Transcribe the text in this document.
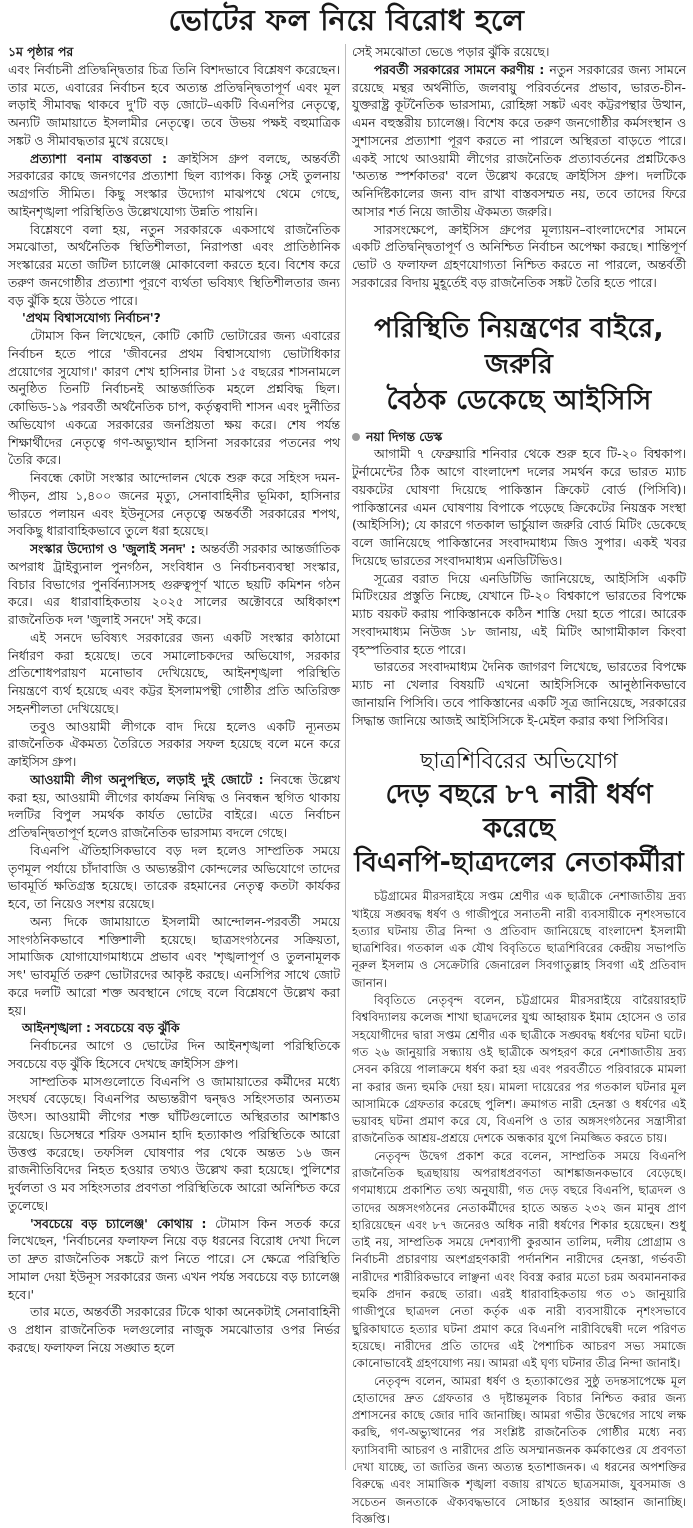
ভোটের ফল নিয়ে বিরোধ হলে

১ম পৃষ্ঠার পর

এবং নির্বাচনী প্রতিদ্বন্দ্বিতার চিত্র তিনি বিশদভাবে বিশ্লেষণ করেছেন। তার মতে, এবারের নির্বাচন হবে অত্যন্ত প্রতিদ্বন্দ্বিতাপূর্ণ এবং মূল লড়াই সীমাবদ্ধ থাকবে দু'টি বড় জোটে–একটি বিএনপির নেতৃত্বে, অন্যটি জামায়াতে ইসলামীর নেতৃত্বে। তবে উভয় পক্ষই বহুমাত্রিক সঙ্কট ও সীমাবদ্ধতার মুখে রয়েছে।

প্রত্যাশা বনাম বাস্তবতা : ক্রাইসিস গ্রুপ বলছে, অন্তর্বর্তী সরকারের কাছে জনগণের প্রত্যাশা ছিল ব্যাপক। কিন্তু সেই তুলনায় অগ্রগতি সীমিত। কিছু সংস্কার উদ্যোগ মাঝপথে থেমে গেছে, আইনশৃঙ্খলা পরিস্থিতিও উল্লেখযোগ্য উন্নতি পায়নি।

বিশ্লেষণে বলা হয়, নতুন সরকারকে একসাথে রাজনৈতিক সমঝোতা, অর্থনৈতিক স্থিতিশীলতা, নিরাপত্তা এবং প্রাতিষ্ঠানিক সংস্কারের মতো জটিল চ্যালেঞ্জ মোকাবেলা করতে হবে। বিশেষ করে তরুণ জনগোষ্ঠীর প্রত্যাশা পূরণে ব্যর্থতা ভবিষ্যৎ স্থিতিশীলতার জন্য বড় ঝুঁকি হয়ে উঠতে পারে।

'প্রথম বিশ্বাসযোগ্য নির্বাচন'?

টোমাস কিন লিখেছেন, কোটি কোটি ভোটারের জন্য এবারের নির্বাচন হতে পারে 'জীবনের প্রথম বিশ্বাসযোগ্য ভোটাধিকার প্রয়োগের সুযোগ।' কারণ শেখ হাসিনার টানা ১৫ বছরের শাসনামলে অনুষ্ঠিত তিনটি নির্বাচনই আন্তর্জাতিক মহলে প্রশ্নবিদ্ধ ছিল। কোভিড-১৯ পরবর্তী অর্থনৈতিক চাপ, কর্তৃত্ববাদী শাসন এবং দুর্নীতির অভিযোগ একত্রে সরকারের জনপ্রিয়তা ক্ষয় করে। শেষ পর্যন্ত শিক্ষার্থীদের নেতৃত্বে গণ-অভ্যুত্থান হাসিনা সরকারের পতনের পথ তৈরি করে।

নিবন্ধে কোটা সংস্কার আন্দোলন থেকে শুরু করে সহিংস দমন-পীড়ন, প্রায় ১,৪০০ জনের মৃত্যু, সেনাবাহিনীর ভূমিকা, হাসিনার ভারতে পলায়ন এবং ইউনূসের নেতৃত্বে অন্তর্বর্তী সরকারের শপথ, সবকিছু ধারাবাহিকভাবে তুলে ধরা হয়েছে।

সংস্কার উদ্যোগ ও 'জুলাই সনদ' : অন্তর্বর্তী সরকার আন্তর্জাতিক অপরাধ ট্রাইব্যুনাল পুনর্গঠন, সংবিধান ও নির্বাচনব্যবস্থা সংস্কার, বিচার বিভাগের পুনর্বিন্যাসসহ গুরুত্বপূর্ণ খাতে ছয়টি কমিশন গঠন করে। এর ধারাবাহিকতায় ২০২৫ সালের অক্টোবরে অধিকাংশ রাজনৈতিক দল 'জুলাই সনদে' সই করে।

এই সনদে ভবিষ্যৎ সরকারের জন্য একটি সংস্কার কাঠামো নির্ধারণ করা হয়েছে। তবে সমালোচকদের অভিযোগ, সরকার প্রতিশোধপরায়ণ মনোভাব দেখিয়েছে, আইনশৃঙ্খলা পরিস্থিতি নিয়ন্ত্রণে ব্যর্থ হয়েছে এবং কট্টর ইসলামপন্থী গোষ্ঠীর প্রতি অতিরিক্ত সহনশীলতা দেখিয়েছে।

তবুও আওয়ামী লীগকে বাদ দিয়ে হলেও একটি ন্যূনতম রাজনৈতিক ঐকমত্য তৈরিতে সরকার সফল হয়েছে বলে মনে করে ক্রাইসিস গ্রুপ।

আওয়ামী লীগ অনুপস্থিত, লড়াই দুই জোটে : নিবন্ধে উল্লেখ করা হয়, আওয়ামী লীগের কার্যক্রম নিষিদ্ধ ও নিবন্ধন স্থগিত থাকায় দলটির বিপুল সমর্থক কার্যত ভোটের বাইরে। এতে নির্বাচন প্রতিদ্বন্দ্বিতাপূর্ণ হলেও রাজনৈতিক ভারসাম্য বদলে গেছে।

বিএনপি ঐতিহাসিকভাবে বড় দল হলেও সাম্প্রতিক সময়ে তৃণমূল পর্যায়ে চাঁদাবাজি ও অভ্যন্তরীণ কোন্দলের অভিযোগে তাদের ভাবমূর্তি ক্ষতিগ্রস্ত হয়েছে। তারেক রহমানের নেতৃত্ব কতটা কার্যকর হবে, তা নিয়েও সংশয় রয়েছে।

অন্য দিকে জামায়াতে ইসলামী আন্দোলন-পরবর্তী সময়ে সাংগঠনিকভাবে শক্তিশালী হয়েছে। ছাত্রসংগঠনের সক্রিয়তা, সামাজিক যোগাযোগমাধ্যমে প্রভাব এবং 'শৃঙ্খলাপূর্ণ ও তুলনামূলক সৎ' ভাবমূর্তি তরুণ ভোটারদের আকৃষ্ট করছে। এনসিপির সাথে জোট করে দলটি আরো শক্ত অবস্থানে গেছে বলে বিশ্লেষণে উল্লেখ করা হয়।

আইনশৃঙ্খলা : সবচেয়ে বড় ঝুঁকি

নির্বাচনের আগে ও ভোটের দিন আইনশৃঙ্খলা পরিস্থিতিকে সবচেয়ে বড় ঝুঁকি হিসেবে দেখছে ক্রাইসিস গ্রুপ।

সাম্প্রতিক মাসগুলোতে বিএনপি ও জামায়াতের কর্মীদের মধ্যে সংঘর্ষ বেড়েছে। বিএনপির অভ্যন্তরীণ দ্বন্দ্বও সহিংসতার অন্যতম উৎস। আওয়ামী লীগের শক্ত ঘাঁটিগুলোতে অস্থিরতার আশঙ্কাও রয়েছে। ডিসেম্বরে শরিফ ওসমান হাদি হত্যাকাণ্ড পরিস্থিতিকে আরো উত্তপ্ত করেছে। তফসিল ঘোষণার পর থেকে অন্তত ১৬ জন রাজনীতিবিদের নিহত হওয়ার তথ্যও উল্লেখ করা হয়েছে। পুলিশের দুর্বলতা ও মব সহিংসতার প্রবণতা পরিস্থিতিকে আরো অনিশ্চিত করে তুলেছে।

'সবচেয়ে বড় চ্যালেঞ্জ' কোথায় : টোমাস কিন সতর্ক করে লিখেছেন, 'নির্বাচনের ফলাফল নিয়ে বড় ধরনের বিরোধ দেখা দিলে তা দ্রুত রাজনৈতিক সঙ্কটে রূপ নিতে পারে। সে ক্ষেত্রে পরিস্থিতি সামাল দেয়া ইউনূস সরকারের জন্য এখন পর্যন্ত সবচেয়ে বড় চ্যালেঞ্জ হবে।'

তার মতে, অন্তর্বর্তী সরকারের টিকে থাকা অনেকটাই সেনাবাহিনী ও প্রধান রাজনৈতিক দলগুলোর নাজুক সমঝোতার ওপর নির্ভর করছে। ফলাফল নিয়ে সঙ্ঘাত হলে

সেই সমঝোতা ভেঙে পড়ার ঝুঁকি রয়েছে।

পরবর্তী সরকারের সামনে করণীয় : নতুন সরকারের জন্য সামনে রয়েছে মন্থর অর্থনীতি, জলবায়ু পরিবর্তনের প্রভাব, ভারত-চীন-যুক্তরাষ্ট্র কূটনৈতিক ভারসাম্য, রোহিঙ্গা সঙ্কট এবং কট্টরপন্থার উত্থান, এমন বহুস্তরীয় চ্যালেঞ্জ। বিশেষ করে তরুণ জনগোষ্ঠীর কর্মসংস্থান ও সুশাসনের প্রত্যাশা পূরণ করতে না পারলে অস্থিরতা বাড়তে পারে। একই সাথে আওয়ামী লীগের রাজনৈতিক প্রত্যাবর্তনের প্রশ্নটিকেও 'অত্যন্ত স্পর্শকাতর' বলে উল্লেখ করেছে ক্রাইসিস গ্রুপ। দলটিকে অনির্দিষ্টকালের জন্য বাদ রাখা বাস্তবসম্মত নয়, তবে তাদের ফিরে আসার শর্ত নিয়ে জাতীয় ঐকমত্য জরুরি।

সারসংক্ষেপে, ক্রাইসিস গ্রুপের মূল্যায়ন–বাংলাদেশের সামনে একটি প্রতিদ্বন্দ্বিতাপূর্ণ ও অনিশ্চিত নির্বাচন অপেক্ষা করছে। শান্তিপূর্ণ ভোট ও ফলাফল গ্রহণযোগ্যতা নিশ্চিত করতে না পারলে, অন্তর্বর্তী সরকারের বিদায় মুহূর্তেই বড় রাজনৈতিক সঙ্কট তৈরি হতে পারে।

পরিস্থিতি নিয়ন্ত্রণের বাইরে, জরুরি
বৈঠক ডেকেছে আইসিসি

নয়া দিগন্ত ডেস্ক

আগামী ৭ ফেব্রুয়ারি শনিবার থেকে শুরু হবে টি-২০ বিশ্বকাপ। টুর্নামেন্টের ঠিক আগে বাংলাদেশ দলের সমর্থন করে ভারত ম্যাচ বয়কটের ঘোষণা দিয়েছে পাকিস্তান ক্রিকেট বোর্ড (পিসিবি)। পাকিস্তানের এমন ঘোষণায় বিপাকে পড়েছে ক্রিকেটের নিয়ন্ত্রক সংস্থা (আইসিসি); যে কারণে গতকাল ভার্চুয়াল জরুরি বোর্ড মিটিং ডেকেছে বলে জানিয়েছে পাকিস্তানের সংবাদমাধ্যম জিও সুপার। একই খবর দিয়েছে ভারতের সংবাদমাধ্যম এনডিটিভিও।

সূত্রের বরাত দিয়ে এনডিটিভি জানিয়েছে, আইসিসি একটি মিটিংয়ের প্রস্তুতি নিচ্ছে, যেখানে টি-২০ বিশ্বকাপে ভারতের বিপক্ষে ম্যাচ বয়কট করায় পাকিস্তানকে কঠিন শাস্তি দেয়া হতে পারে। আরেক সংবাদমাধ্যম নিউজ ১৮ জানায়, এই মিটিং আগামীকাল কিংবা বৃহস্পতিবার হতে পারে।

ভারতের সংবাদমাধ্যম দৈনিক জাগরণ লিখেছে, ভারতের বিপক্ষে ম্যাচ না খেলার বিষয়টি এখনো আইসিসিকে আনুষ্ঠানিকভাবে জানায়নি পিসিবি। তবে পাকিস্তানের একটি সূত্র জানিয়েছে, সরকারের সিদ্ধান্ত জানিয়ে আজই আইসিসিকে ই-মেইল করার কথা পিসিবির।

ছাত্রশিবিরের অভিযোগ
দেড় বছরে ৮৭ নারী ধর্ষণ করেছে
বিএনপি-ছাত্রদলের নেতাকর্মীরা

চট্টগ্রামের মীরসরাইয়ে সপ্তম শ্রেণীর এক ছাত্রীকে নেশাজাতীয় দ্রব্য খাইয়ে সঙ্ঘবদ্ধ ধর্ষণ ও গাজীপুরে সনাতনী নারী ব্যবসায়ীকে নৃশংসভাবে হত্যার ঘটনায় তীব্র নিন্দা ও প্রতিবাদ জানিয়েছে বাংলাদেশ ইসলামী ছাত্রশিবির। গতকাল এক যৌথ বিবৃতিতে ছাত্রশিবিরের কেন্দ্রীয় সভাপতি নূরুল ইসলাম ও সেক্রেটারি জেনারেল সিবগাতুল্লাহ সিবগা এই প্রতিবাদ জানান।

বিবৃতিতে নেতৃবৃন্দ বলেন, চট্টগ্রামের মীরসরাইয়ে বারৈয়ারহাট বিশ্ববিদ্যালয় কলেজ শাখা ছাত্রদলের যুগ্ম আহ্বায়ক ইমাম হোসেন ও তার সহযোগীদের দ্বারা সপ্তম শ্রেণীর এক ছাত্রীকে সঙ্ঘবদ্ধ ধর্ষণের ঘটনা ঘটে। গত ২৬ জানুয়ারি সন্ধ্যায় ওই ছাত্রীকে অপহরণ করে নেশাজাতীয় দ্রব্য সেবন করিয়ে পালাক্রমে ধর্ষণ করা হয় এবং পরবর্তীতে পরিবারকে মামলা না করার জন্য হুমকি দেয়া হয়। মামলা দায়েরের পর গতকাল ঘটনার মূল আসামিকে গ্রেফতার করেছে পুলিশ। ক্রমাগত নারী হেনস্তা ও ধর্ষণের এই ভয়াবহ ঘটনা প্রমাণ করে যে, বিএনপি ও তার অঙ্গসংগঠনের সন্ত্রাসীরা রাজনৈতিক আশ্রয়-প্রশ্রয়ে দেশকে অন্ধকার যুগে নিমজ্জিত করতে চায়।

নেতৃবৃন্দ উদ্বেগ প্রকাশ করে বলেন, সাম্প্রতিক সময়ে বিএনপি রাজনৈতিক ছত্রছায়ায় অপরাধপ্রবণতা আশঙ্কাজনকভাবে বেড়েছে। গণমাধ্যমে প্রকাশিত তথ্য অনুযায়ী, গত দেড় বছরে বিএনপি, ছাত্রদল ও তাদের অঙ্গসংগঠনের নেতাকর্মীদের হাতে অন্তত ২৩২ জন মানুষ প্রাণ হারিয়েছেন এবং ৮৭ জনেরও অধিক নারী ধর্ষণের শিকার হয়েছেন। শুধু তাই নয়, সাম্প্রতিক সময়ে দেশব্যাপী কুরআন তালিম, দলীয় প্রোগ্রাম ও নির্বাচনী প্রচারণায় অংশগ্রহণকারী পর্দানশিন নারীদের হেনস্তা, গর্ভবতী নারীদের শারীরিকভাবে লাঞ্ছনা এবং বিবস্ত্র করার মতো চরম অবমাননাকর হুমকি প্রদান করছে তারা। এরই ধারাবাহিকতায় গত ৩১ জানুয়ারি গাজীপুরে ছাত্রদল নেতা কর্তৃক এক নারী ব্যবসায়ীকে নৃশংসভাবে ছুরিকাঘাতে হত্যার ঘটনা প্রমাণ করে বিএনপি নারীবিদ্বেষী দলে পরিণত হয়েছে। নারীদের প্রতি তাদের এই পৈশাচিক আচরণ সভ্য সমাজে কোনোভাবেই গ্রহণযোগ্য নয়। আমরা এই ঘৃণ্য ঘটনার তীব্র নিন্দা জানাই।

নেতৃবৃন্দ বলেন, আমরা ধর্ষণ ও হত্যাকাণ্ডের সুষ্ঠু তদন্তসাপেক্ষে মূল হোতাদের দ্রুত গ্রেফতার ও দৃষ্টান্তমূলক বিচার নিশ্চিত করার জন্য প্রশাসনের কাছে জোর দাবি জানাচ্ছি। আমরা গভীর উদ্বেগের সাথে লক্ষ করছি, গণ-অভ্যুত্থানের পর সংশ্লিষ্ট রাজনৈতিক গোষ্ঠীর মধ্যে নব্য ফ্যাসিবাদী আচরণ ও নারীদের প্রতি অসম্মানজনক কর্মকাণ্ডের যে প্রবণতা দেখা যাচ্ছে, তা জাতির জন্য অত্যন্ত হতাশাজনক। এ ধরনের অপশক্তির বিরুদ্ধে এবং সামাজিক শৃঙ্খলা বজায় রাখতে ছাত্রসমাজ, যুবসমাজ ও সচেতন জনতাকে ঐক্যবদ্ধভাবে সোচ্চার হওয়ার আহ্বান জানাচ্ছি। বিজ্ঞপ্তি।
